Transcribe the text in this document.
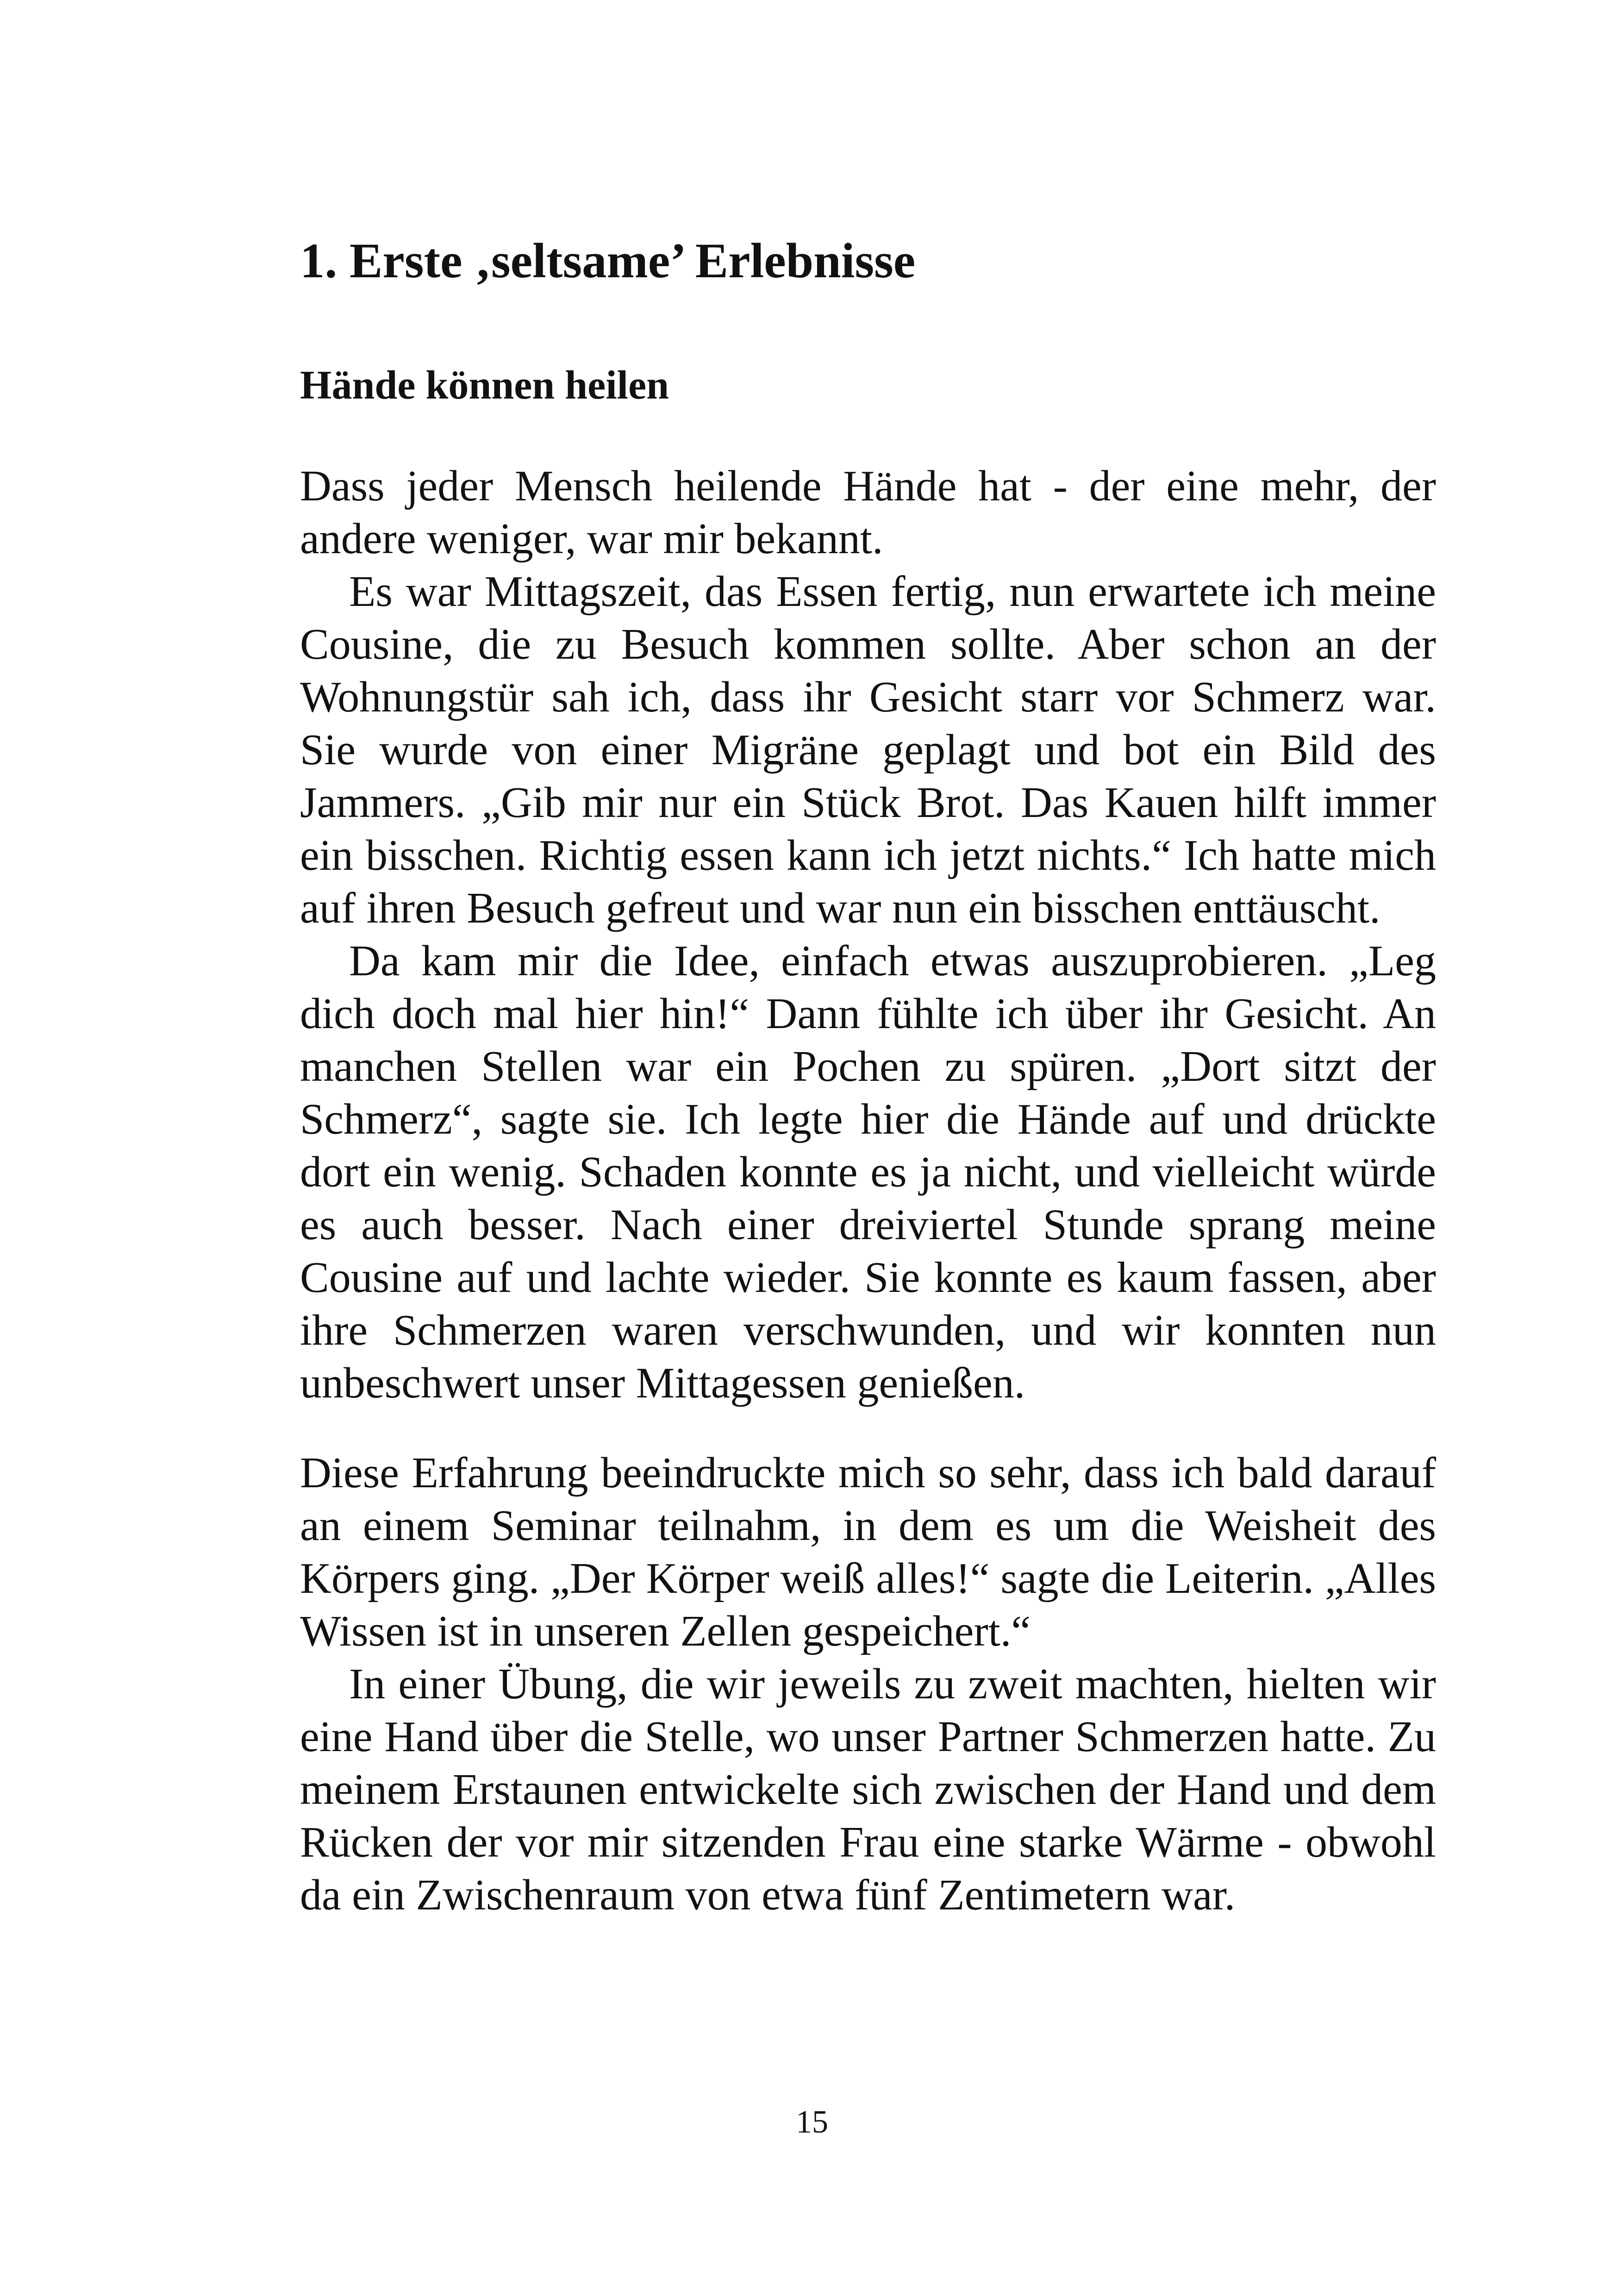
1. Erste ‚seltsame’ Erlebnisse
Hände können heilen

Dass jeder Mensch heilende Hände hat - der eine mehr, der andere weniger, war mir bekannt.

Es war Mittagszeit, das Essen fertig, nun erwartete ich meine Cousine, die zu Besuch kommen sollte. Aber schon an der Wohnungstür sah ich, dass ihr Gesicht starr vor Schmerz war. Sie wurde von einer Migräne geplagt und bot ein Bild des Jammers. „Gib mir nur ein Stück Brot. Das Kauen hilft immer ein bisschen. Richtig essen kann ich jetzt nichts.“ Ich hatte mich auf ihren Besuch gefreut und war nun ein bisschen enttäuscht.

Da kam mir die Idee, einfach etwas auszuprobieren. „Leg dich doch mal hier hin!“ Dann fühlte ich über ihr Gesicht. An manchen Stellen war ein Pochen zu spüren. „Dort sitzt der Schmerz“, sagte sie. Ich legte hier die Hände auf und drückte dort ein wenig. Schaden konnte es ja nicht, und vielleicht würde es auch besser. Nach einer dreiviertel Stunde sprang meine Cousine auf und lachte wieder. Sie konnte es kaum fassen, aber ihre Schmerzen waren verschwunden, und wir konnten nun unbeschwert unser Mittagessen genießen.

Diese Erfahrung beeindruckte mich so sehr, dass ich bald darauf an einem Seminar teilnahm, in dem es um die Weisheit des Körpers ging. „Der Körper weiß alles!“ sagte die Leiterin. „Alles Wissen ist in unseren Zellen gespeichert.“

In einer Übung, die wir jeweils zu zweit machten, hielten wir eine Hand über die Stelle, wo unser Partner Schmerzen hatte. Zu meinem Erstaunen entwickelte sich zwischen der Hand und dem Rücken der vor mir sitzenden Frau eine starke Wärme - obwohl da ein Zwischenraum von etwa fünf Zentimetern war.

15
